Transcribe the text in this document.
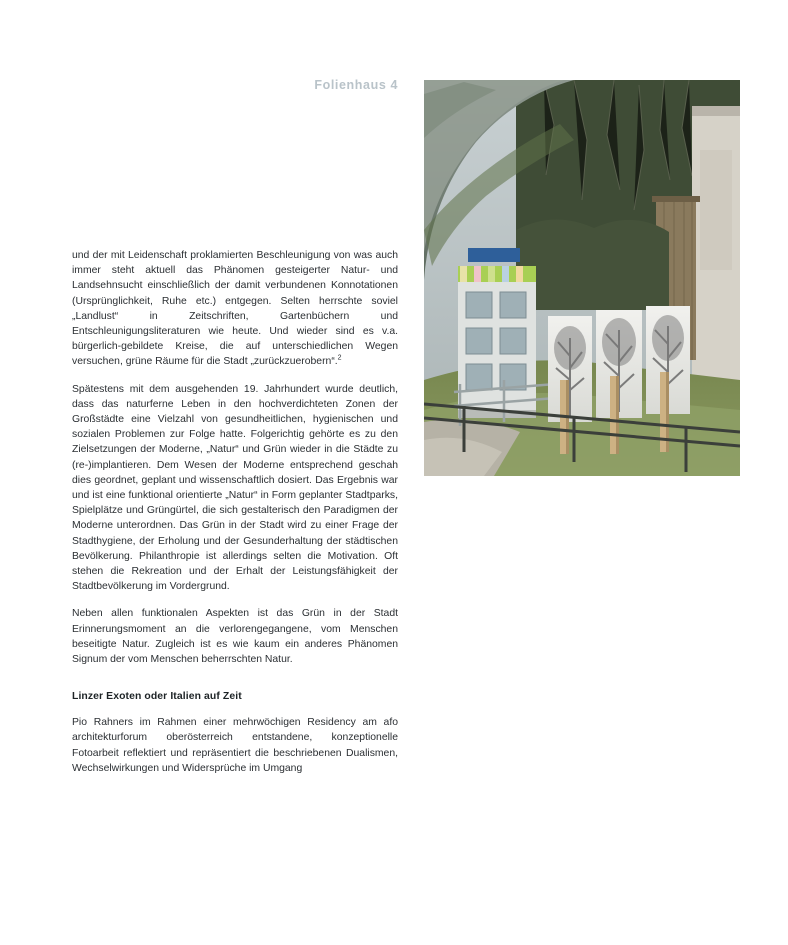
Folienhaus 4

und der mit Leidenschaft proklamierten Beschleunigung von was auch immer steht aktuell das Phänomen gesteigerter Natur- und Landsehnsucht einschließlich der damit verbundenen Konnotationen (Ursprünglichkeit, Ruhe etc.) entgegen. Selten herrschte soviel „Landlust“ in Zeitschriften, Gartenbüchern und Entschleunigungsliteraturen wie heute. Und wieder sind es v.a. bürgerlich-gebildete Kreise, die auf unterschiedlichen Wegen versuchen, grüne Räume für die Stadt „zurückzuerobern“.$^2$

Spätestens mit dem ausgehenden 19. Jahrhundert wurde deutlich, dass das naturferne Leben in den hochverdichteten Zonen der Großstädte eine Vielzahl von gesundheitlichen, hygienischen und sozialen Problemen zur Folge hatte. Folgerichtig gehörte es zu den Zielsetzungen der Moderne, „Natur“ und Grün wieder in die Städte zu (re-)implantieren. Dem Wesen der Moderne entsprechend geschah dies geordnet, geplant und wissenschaftlich dosiert. Das Ergebnis war und ist eine funktional orientierte „Natur“ in Form geplanter Stadtparks, Spielplätze und Grüngürtel, die sich gestalterisch den Paradigmen der Moderne unterordnen. Das Grün in der Stadt wird zu einer Frage der Stadthygiene, der Erholung und der Gesunderhaltung der städtischen Bevölkerung. Philanthropie ist allerdings selten die Motivation. Oft stehen die Rekreation und der Erhalt der Leistungsfähigkeit der Stadtbevölkerung im Vordergrund.

Neben allen funktionalen Aspekten ist das Grün in der Stadt Erinnerungsmoment an die verlorengegangene, vom Menschen beseitigte Natur. Zugleich ist es wie kaum ein anderes Phänomen Signum der vom Menschen beherrschten Natur.

Linzer Exoten oder Italien auf Zeit

Pio Rahners im Rahmen einer mehrwöchigen Residency am afo architekturforum oberösterreich entstandene, konzeptionelle Fotoarbeit reflektiert und repräsentiert die beschriebenen Dualismen, Wechselwirkungen und Widersprüche im Umgang
